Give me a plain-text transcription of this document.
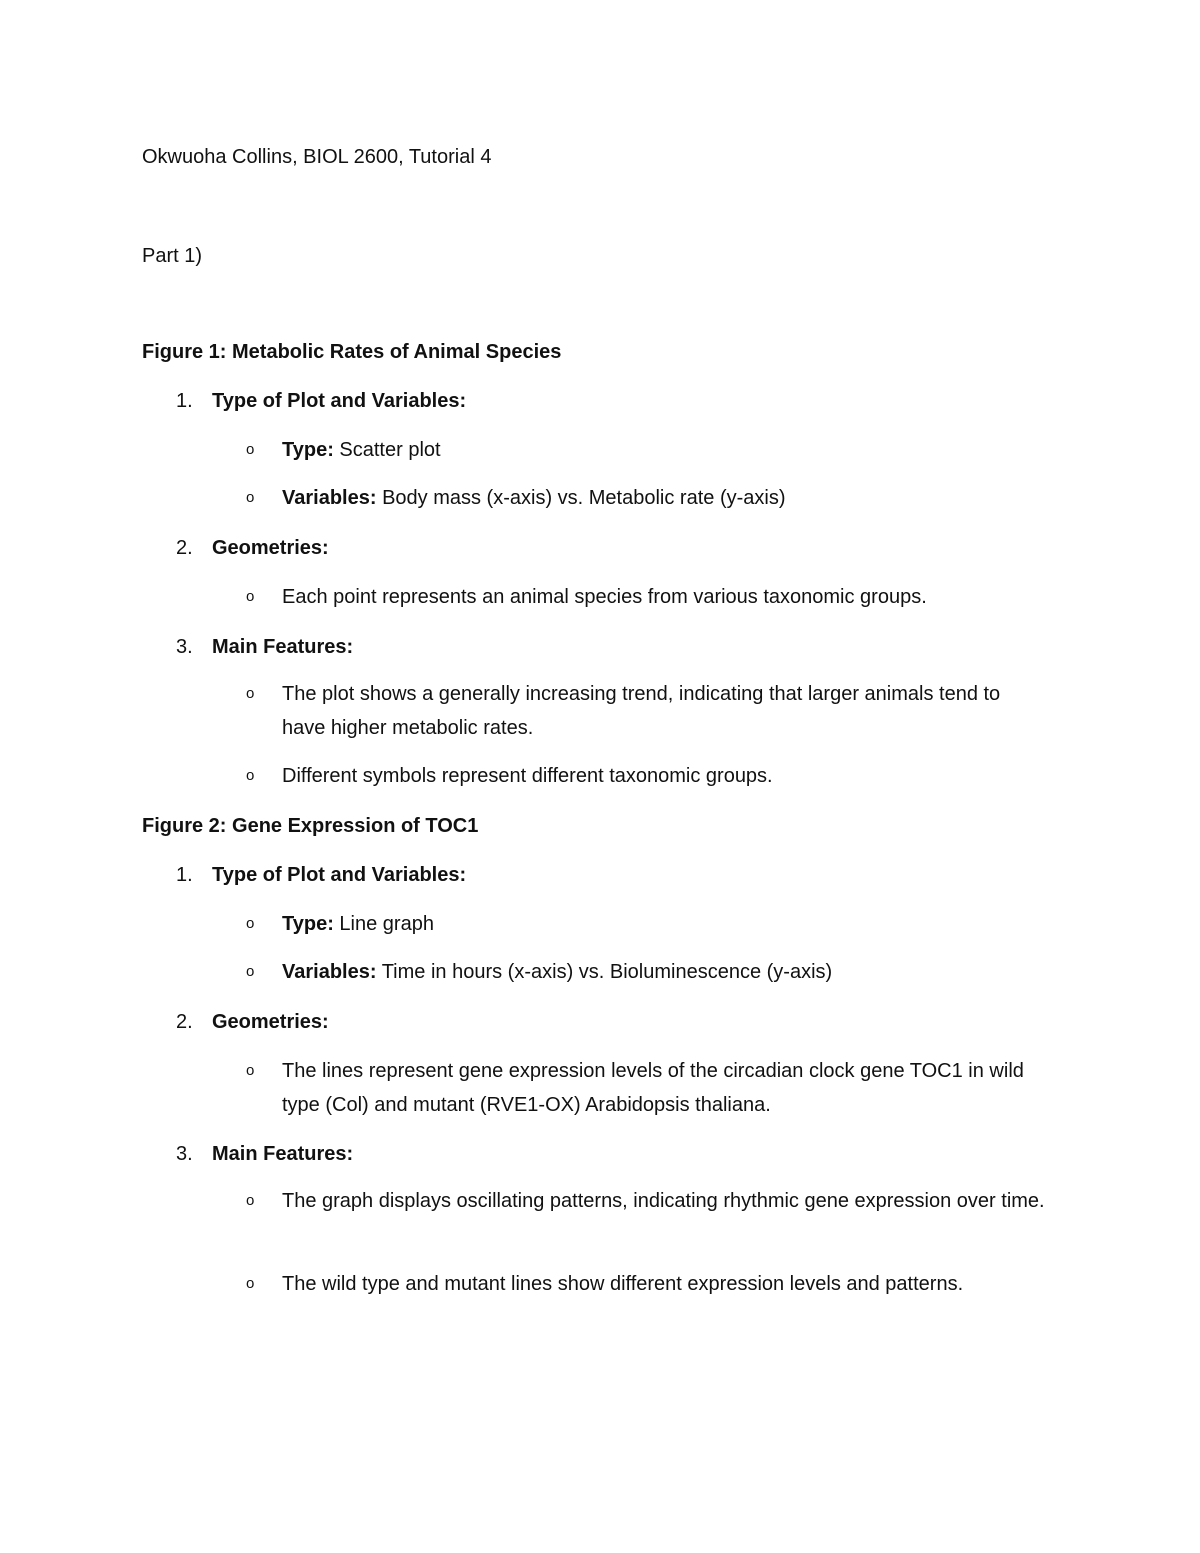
Okwuoha Collins, BIOL 2600, Tutorial 4
Part 1)
Figure 1: Metabolic Rates of Animal Species
1. Type of Plot and Variables:
o Type: Scatter plot
o Variables: Body mass (x-axis) vs. Metabolic rate (y-axis)
2. Geometries:
o Each point represents an animal species from various taxonomic groups.
3. Main Features:
o The plot shows a generally increasing trend, indicating that larger animals tend to have higher metabolic rates.
o Different symbols represent different taxonomic groups.
Figure 2: Gene Expression of TOC1
1. Type of Plot and Variables:
o Type: Line graph
o Variables: Time in hours (x-axis) vs. Bioluminescence (y-axis)
2. Geometries:
o The lines represent gene expression levels of the circadian clock gene TOC1 in wild type (Col) and mutant (RVE1-OX) Arabidopsis thaliana.
3. Main Features:
o The graph displays oscillating patterns, indicating rhythmic gene expression over time.
o The wild type and mutant lines show different expression levels and patterns.
